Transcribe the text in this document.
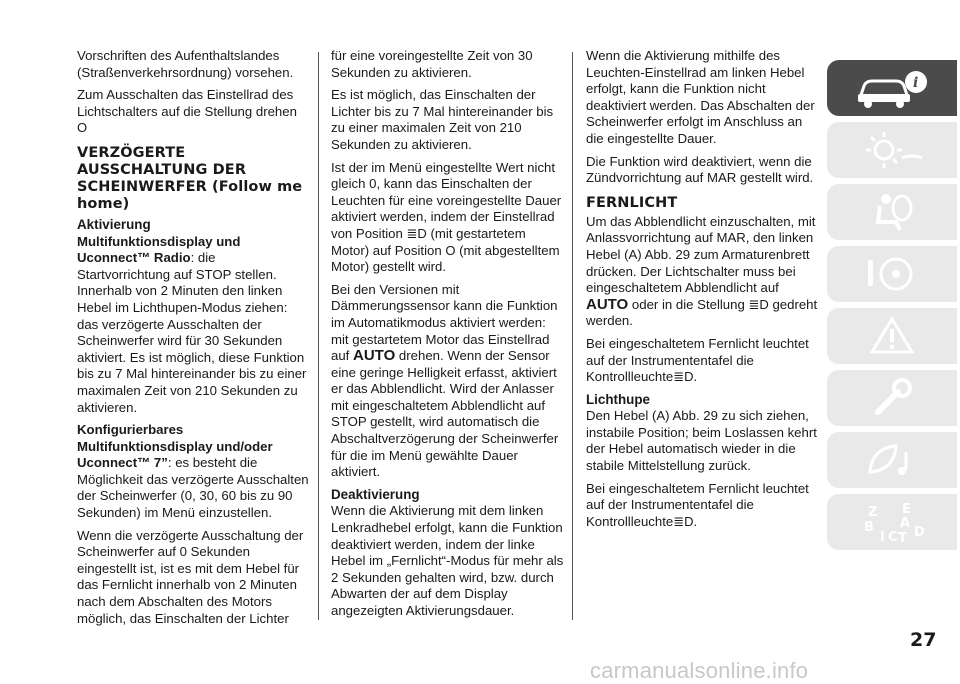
Vorschriften des Aufenthaltslandes (Straßenverkehrsordnung) vorsehen.

Zum Ausschalten das Einstellrad des Lichtschalters auf die Stellung drehen
O

VERZÖGERTE AUSSCHALTUNG DER SCHEINWERFER (Follow me home)
Aktivierung

Multifunktionsdisplay und Uconnect™ Radio: die Startvorrichtung auf STOP stellen. Innerhalb von 2 Minuten den linken Hebel im Lichthupen-Modus ziehen: das verzögerte Ausschalten der Scheinwerfer wird für 30 Sekunden aktiviert. Es ist möglich, diese Funktion bis zu 7 Mal hintereinander bis zu einer maximalen Zeit von 210 Sekunden zu aktivieren.

Konfigurierbares Multifunktionsdisplay und/oder Uconnect™ 7”: es besteht die Möglichkeit das verzögerte Ausschalten der Scheinwerfer (0, 30, 60 bis zu 90 Sekunden) im Menü einzustellen.

Wenn die verzögerte Ausschaltung der Scheinwerfer auf 0 Sekunden eingestellt ist, ist es mit dem Hebel für das Fernlicht innerhalb von 2 Minuten nach dem Abschalten des Motors möglich, das Einschalten der Lichter

für eine voreingestellte Zeit von 30 Sekunden zu aktivieren.

Es ist möglich, das Einschalten der Lichter bis zu 7 Mal hintereinander bis zu einer maximalen Zeit von 210 Sekunden zu aktivieren.

Ist der im Menü eingestellte Wert nicht gleich 0, kann das Einschalten der Leuchten für eine voreingestellte Dauer aktiviert werden, indem der Einstellrad von Position ≣D (mit gestartetem Motor) auf Position O (mit abgestelltem Motor) gestellt wird.

Bei den Versionen mit Dämmerungssensor kann die Funktion im Automatikmodus aktiviert werden: mit gestartetem Motor das Einstellrad auf AUTO drehen. Wenn der Sensor eine geringe Helligkeit erfasst, aktiviert er das Abblendlicht. Wird der Anlasser mit eingeschaltetem Abblendlicht auf STOP gestellt, wird automatisch die Abschaltverzögerung der Scheinwerfer für die im Menü gewählte Dauer aktiviert.

Deaktivierung

Wenn die Aktivierung mit dem linken Lenkradhebel erfolgt, kann die Funktion deaktiviert werden, indem der linke Hebel im „Fernlicht“-Modus für mehr als 2 Sekunden gehalten wird, bzw. durch Abwarten der auf dem Display angezeigten Aktivierungsdauer.

Wenn die Aktivierung mithilfe des Leuchten-Einstellrad am linken Hebel erfolgt, kann die Funktion nicht deaktiviert werden. Das Abschalten der Scheinwerfer erfolgt im Anschluss an die eingestellte Dauer.

Die Funktion wird deaktiviert, wenn die Zündvorrichtung auf MAR gestellt wird.

FERNLICHT

Um das Abblendlicht einzuschalten, mit Anlassvorrichtung auf MAR, den linken Hebel (A) Abb. 29 zum Armaturenbrett drücken. Der Lichtschalter muss bei eingeschaltetem Abblendlicht auf
AUTO oder in die Stellung ≣D gedreht werden.

Bei eingeschaltetem Fernlicht leuchtet auf der Instrumententafel die Kontrollleuchte≣D.

Lichthupe

Den Hebel (A) Abb. 29 zu sich ziehen, instabile Position; beim Loslassen kehrt der Hebel automatisch wieder in die stabile Mittelstellung zurück.

Bei eingeschaltetem Fernlicht leuchtet auf der Instrumententafel die Kontrollleuchte≣D.

i
Z E
A
B	D
I C T
27
carmanualsonline.info
